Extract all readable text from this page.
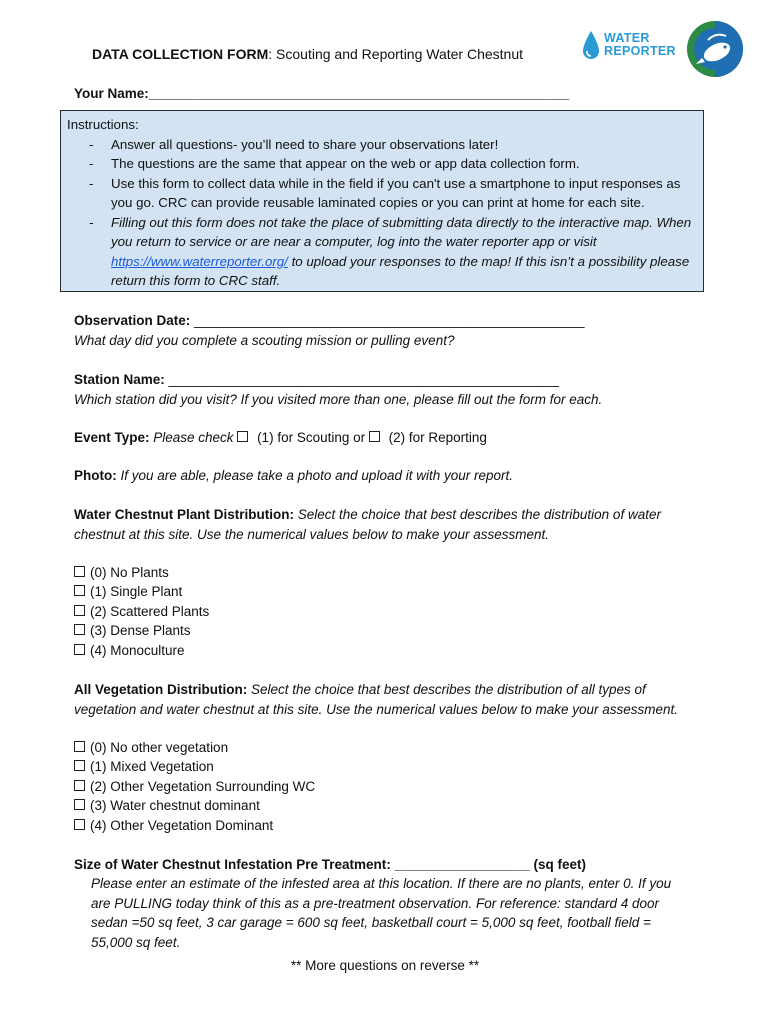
DATA COLLECTION FORM: Scouting and Reporting Water Chestnut
WATER
REPORTER
Your Name:________________________________________________________
Instructions:
- Answer all questions- you’ll need to share your observations later!
- The questions are the same that appear on the web or app data collection form.
- Use this form to collect data while in the field if you can't use a smartphone to input responses as you go. CRC can provide reusable laminated copies or you can print at home for each site.
- Filling out this form does not take the place of submitting data directly to the interactive map. When you return to service or are near a computer, log into the water reporter app or visit https://www.waterreporter.org/ to upload your responses to the map! If this isn’t a possibility please return this form to CRC staff.
Observation Date: ____________________________________________________
What day did you complete a scouting mission or pulling event?
Station Name: ____________________________________________________
Which station did you visit? If you visited more than one, please fill out the form for each.
Event Type: Please check  (1) for Scouting or  (2) for Reporting
Photo: If you are able, please take a photo and upload it with your report.
Water Chestnut Plant Distribution: Select the choice that best describes the distribution of water chestnut at this site. Use the numerical values below to make your assessment.
(0) No Plants
(1) Single Plant
(2) Scattered Plants
(3) Dense Plants
(4) Monoculture
All Vegetation Distribution: Select the choice that best describes the distribution of all types of vegetation and water chestnut at this site. Use the numerical values below to make your assessment.
(0) No other vegetation
(1) Mixed Vegetation
(2) Other Vegetation Surrounding WC
(3) Water chestnut dominant
(4) Other Vegetation Dominant
Size of Water Chestnut Infestation Pre Treatment: __________________ (sq feet)
Please enter an estimate of the infested area at this location. If there are no plants, enter 0. If you are PULLING today think of this as a pre-treatment observation. For reference: standard 4 door sedan =50 sq feet, 3 car garage = 600 sq feet, basketball court = 5,000 sq feet, football field = 55,000 sq feet.
** More questions on reverse **
